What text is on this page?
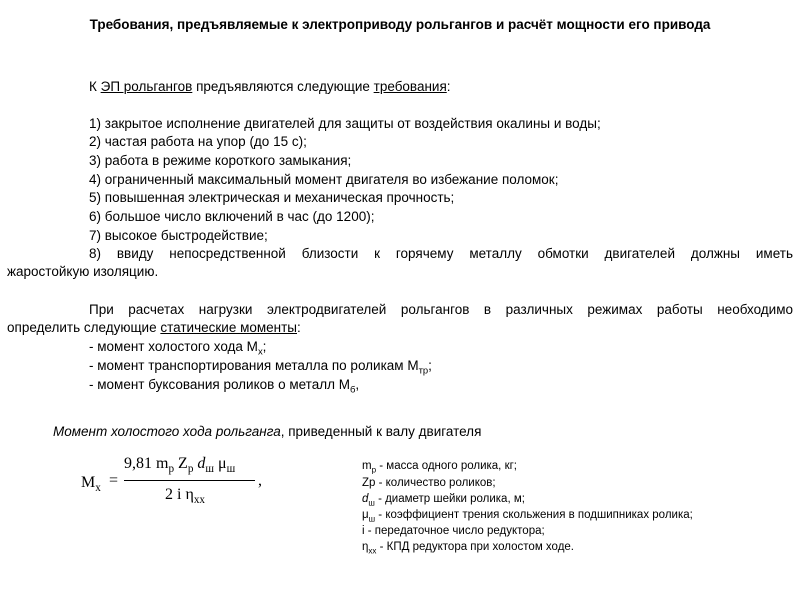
Требования, предъявляемые к электроприводу рольгангов и расчёт мощности его привода
К ЭП рольгангов предъявляются следующие требования:
1) закрытое исполнение двигателей для защиты от воздействия окалины и воды;
2) частая работа на упор (до 15 с);
3) работа в режиме короткого замыкания;
4) ограниченный максимальный момент двигателя во избежание поломок;
5) повышенная электрическая и механическая прочность;
6) большое число включений в час (до 1200);
7) высокое быстродействие;
8) ввиду непосредственной близости к горячему металлу обмотки двигателей должны иметь
жаростойкую изоляцию.
При расчетах нагрузки электродвигателей рольгангов в различных режимах работы необходимо
определить следующие статические моменты:
- момент холостого хода $М_х$;
- момент транспортирования металла по роликам $М_{тр}$;
- момент буксования роликов о металл $М_б$,
Момент холостого хода рольганга, приведенный к валу двигателя
$М_х$ =
9,81 $m_р$ $Z_р$ $d_ш$ $\mu_ш$
2 i $\eta_{хх}$
,
$m_р$ - масса одного ролика, кг;
Zр - количество роликов;
$d_ш$ - диаметр шейки ролика, м;
$\mu_ш$ - коэффициент трения скольжения в подшипниках ролика;
i - передаточное число редуктора;
$\eta_{хх}$ - КПД редуктора при холостом ходе.
